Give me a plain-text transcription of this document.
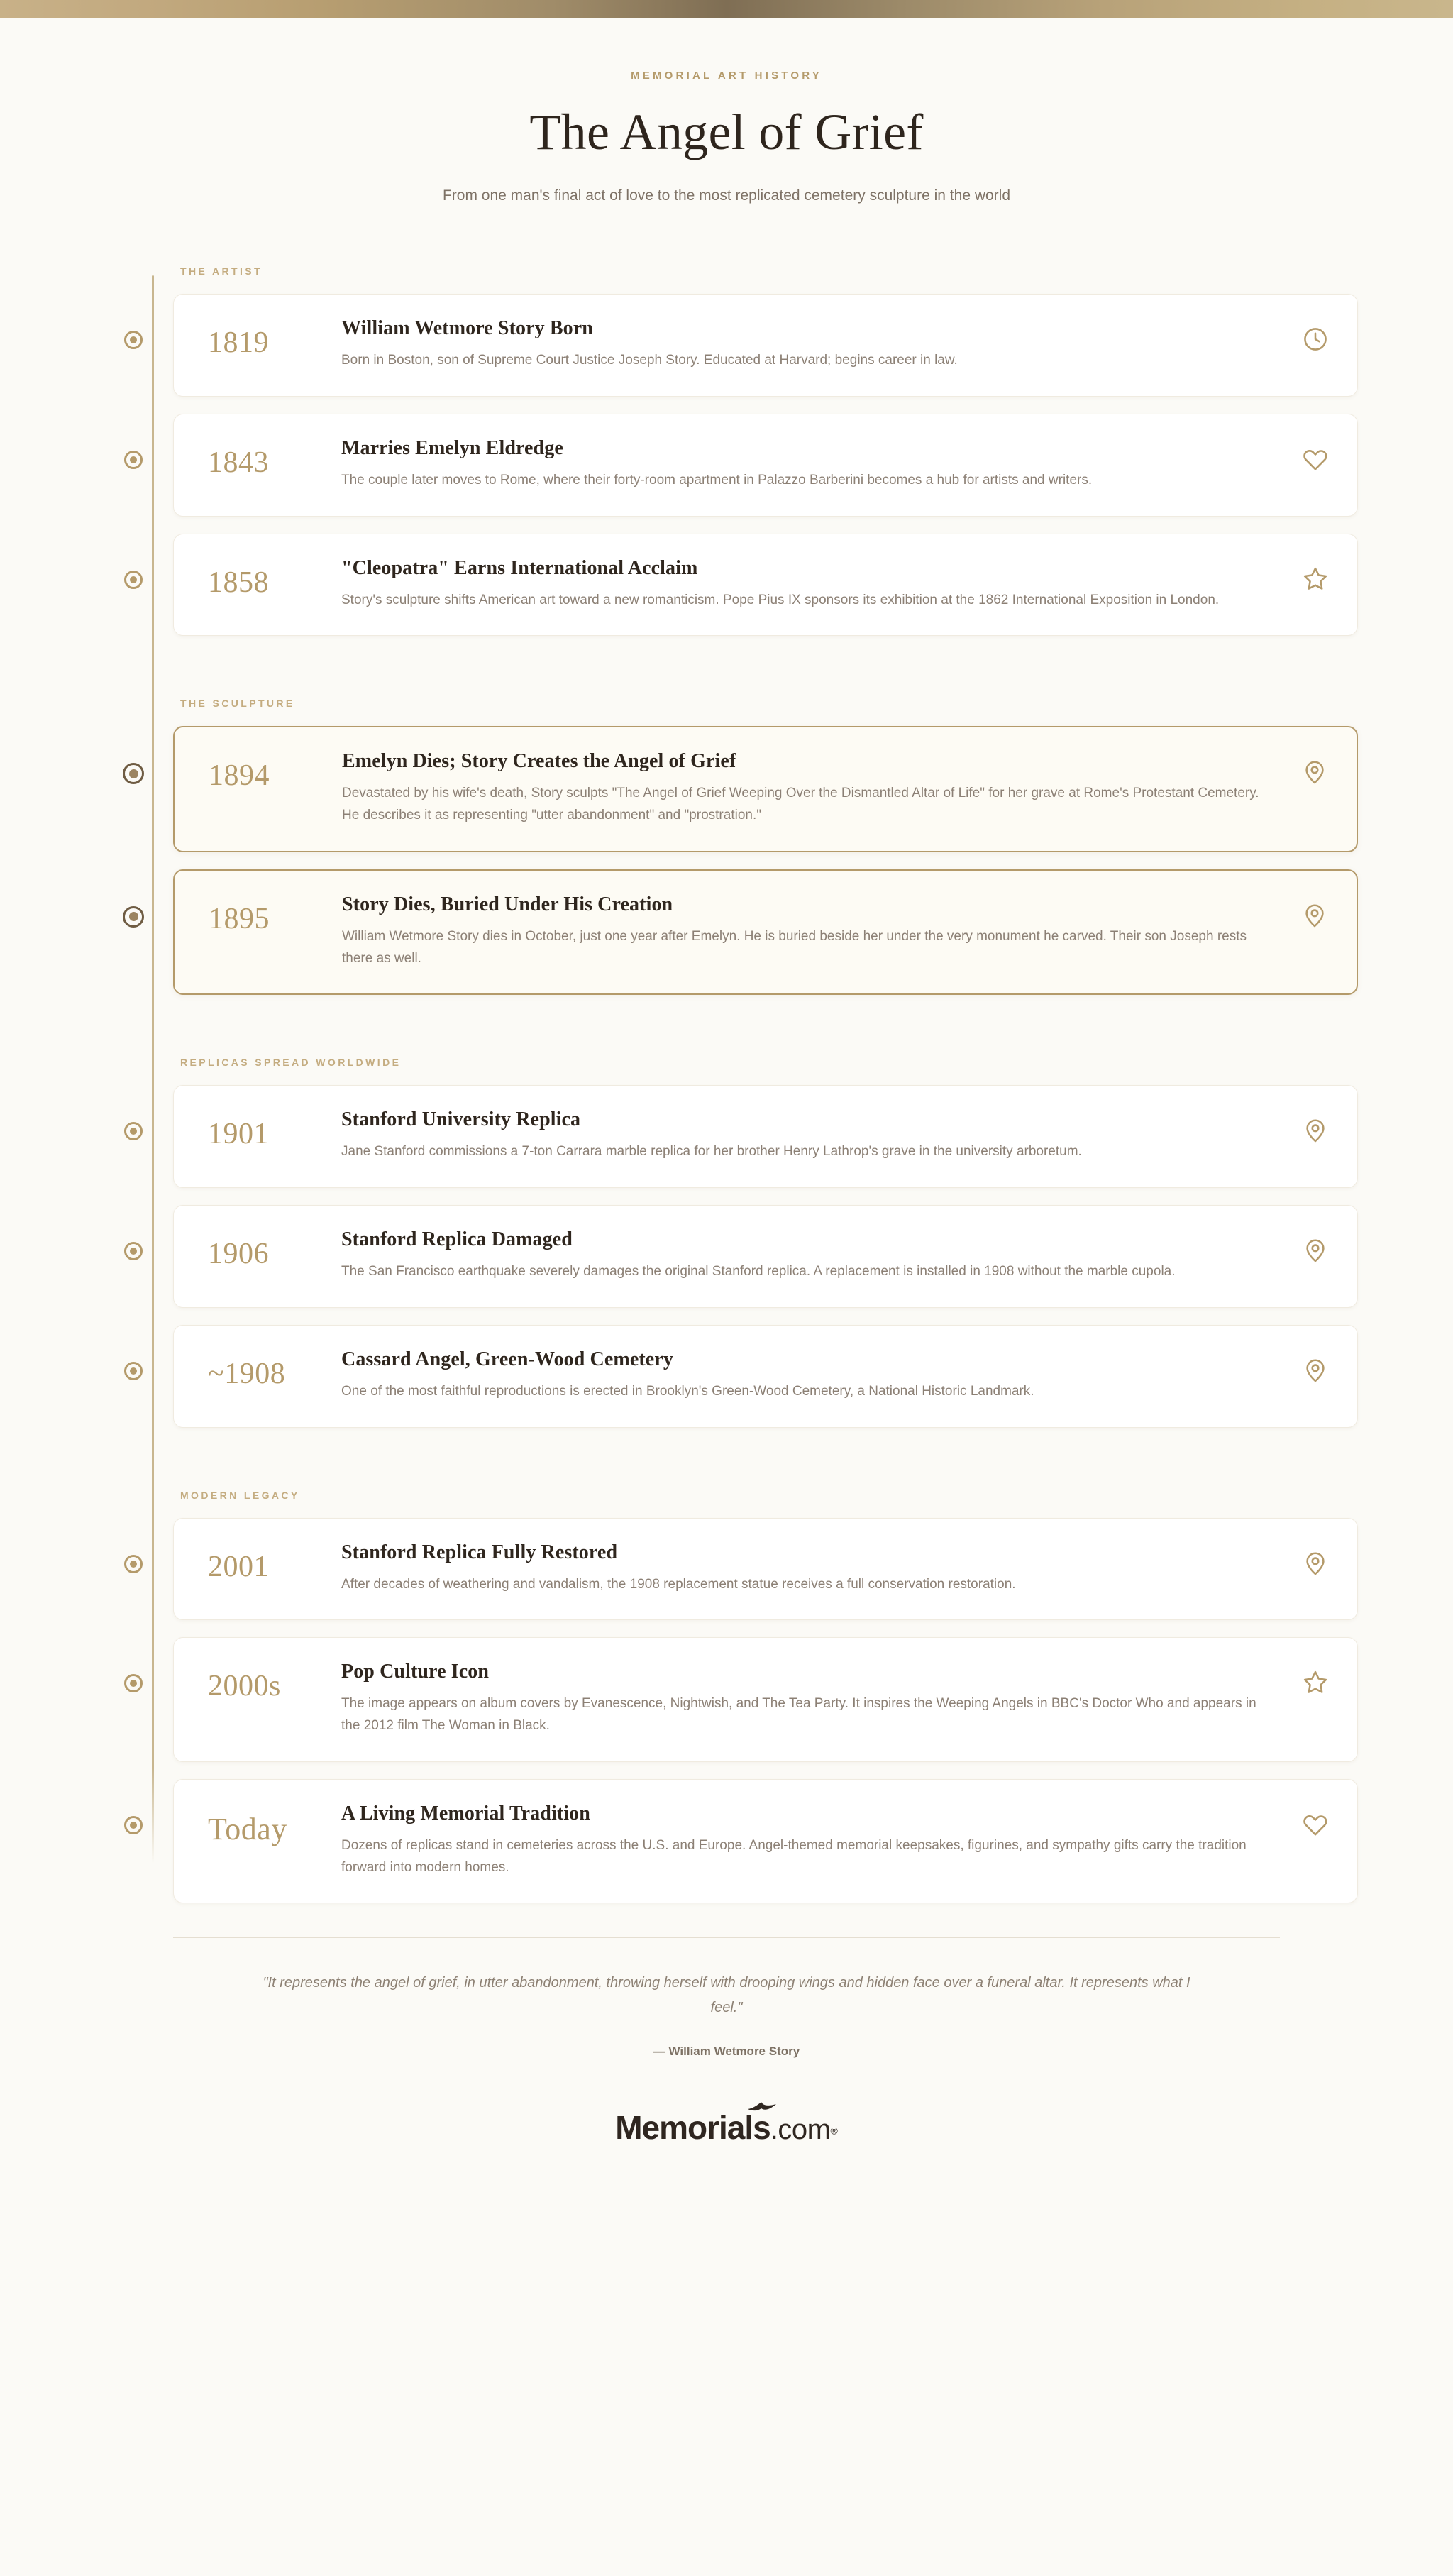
MEMORIAL ART HISTORY
The Angel of Grief

From one man's final act of love to the most replicated cemetery sculpture in the world

THE ARTIST
1819	William Wetmore Story Born
Born in Boston, son of Supreme Court Justice Joseph Story. Educated at Harvard; begins career in law.
1843	Marries Emelyn Eldredge
The couple later moves to Rome, where their forty-room apartment in Palazzo Barberini becomes a hub for artists and writers.
1858	"Cleopatra" Earns International Acclaim
Story's sculpture shifts American art toward a new romanticism. Pope Pius IX sponsors its exhibition at the 1862 International Exposition in London.
THE SCULPTURE
1894	Emelyn Dies; Story Creates the Angel of Grief
Devastated by his wife's death, Story sculpts "The Angel of Grief Weeping Over the Dismantled Altar of Life" for her grave at Rome's Protestant Cemetery. He describes it as representing "utter abandonment" and "prostration."
1895	Story Dies, Buried Under His Creation
William Wetmore Story dies in October, just one year after Emelyn. He is buried beside her under the very monument he carved. Their son Joseph rests there as well.
REPLICAS SPREAD WORLDWIDE
1901	Stanford University Replica
Jane Stanford commissions a 7-ton Carrara marble replica for her brother Henry Lathrop's grave in the university arboretum.
1906	Stanford Replica Damaged
The San Francisco earthquake severely damages the original Stanford replica. A replacement is installed in 1908 without the marble cupola.
~1908	Cassard Angel, Green-Wood Cemetery
One of the most faithful reproductions is erected in Brooklyn's Green-Wood Cemetery, a National Historic Landmark.
MODERN LEGACY
2001	Stanford Replica Fully Restored
After decades of weathering and vandalism, the 1908 replacement statue receives a full conservation restoration.
2000s	Pop Culture Icon
The image appears on album covers by Evanescence, Nightwish, and The Tea Party. It inspires the Weeping Angels in BBC's Doctor Who and appears in the 2012 film The Woman in Black.
Today	A Living Memorial Tradition
Dozens of replicas stand in cemeteries across the U.S. and Europe. Angel-themed memorial keepsakes, figurines, and sympathy gifts carry the tradition forward into modern homes.

"It represents the angel of grief, in utter abandonment, throwing herself with drooping wings and hidden face over a funeral altar. It represents what I feel."

— William Wetmore Story

Memorials.com®
